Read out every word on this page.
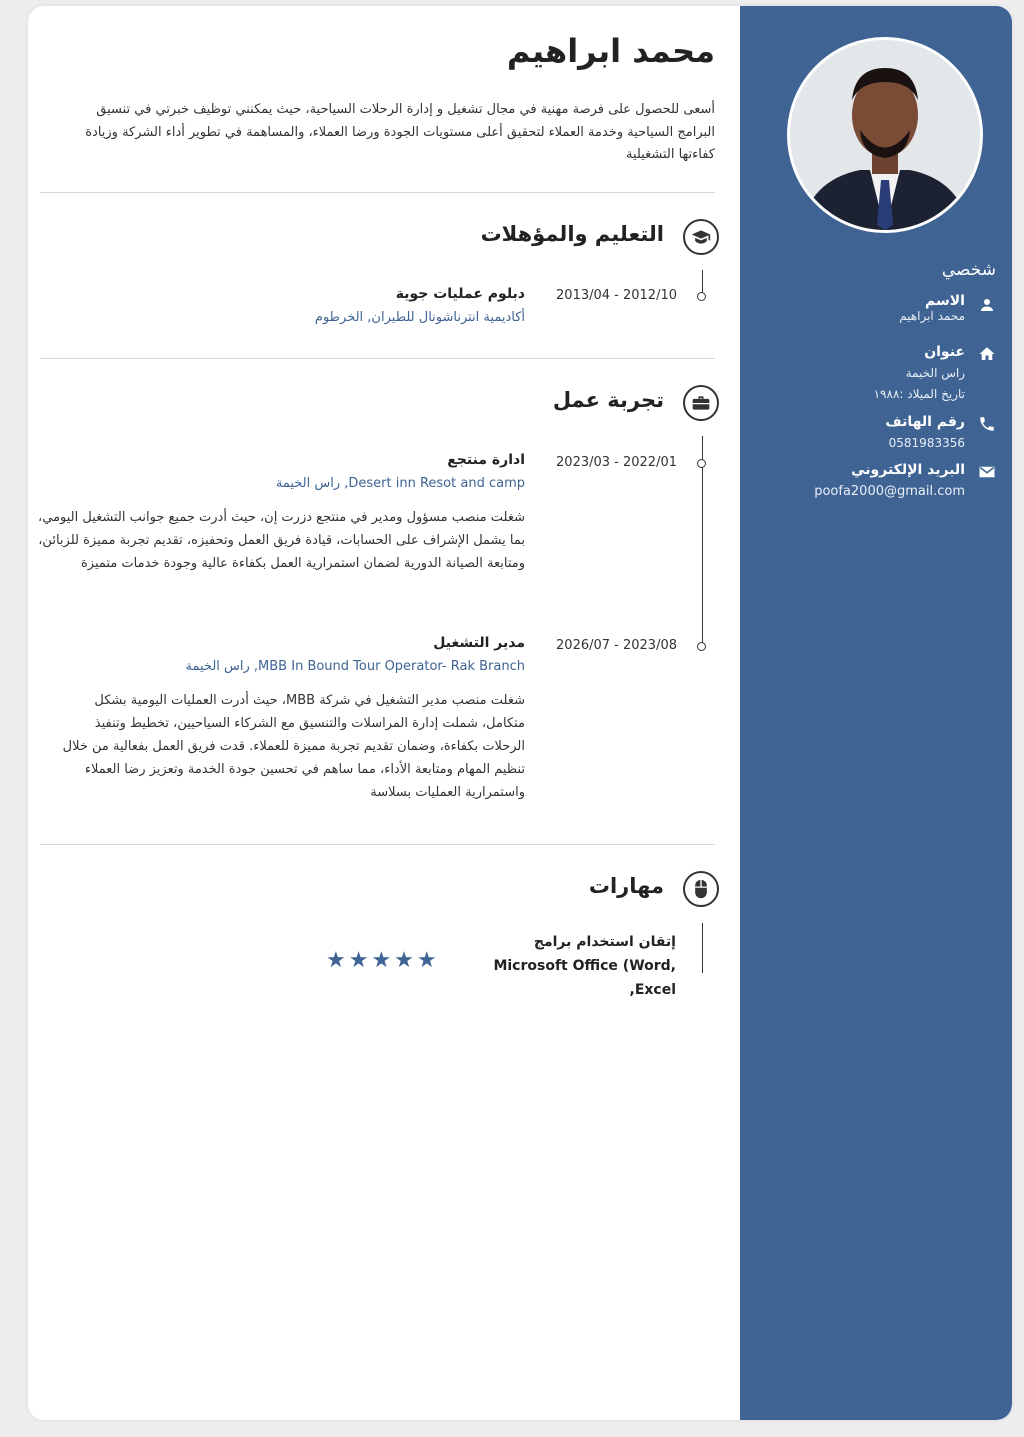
شخصي
الاسم
محمد ابراهيم
عنوان
راس الخيمة
تاريخ الميلاد :١٩٨٨
رقم الهاتف
0581983356
البريد الإلكتروني
poofa2000@gmail.com
محمد ابراهيم
أسعى للحصول على فرصة مهنية في مجال تشغيل و إدارة الرحلات السياحية، حيث يمكنني توظيف خبرتي في تنسيق البرامج السياحية وخدمة العملاء لتحقيق أعلى مستويات الجودة ورضا العملاء، والمساهمة في تطوير أداء الشركة وزيادة كفاءتها التشغيلية
التعليم والمؤهلات
2013/04 - 2012/10
دبلوم عمليات جوية
أكاديمية انترناشونال للطيران, الخرطوم
تجربة عمل
2023/03 - 2022/01
ادارة منتجع
Desert inn Resot and camp, راس الخيمة
شغلت منصب مسؤول ومدير في منتجع دزرت إن، حيث أدرت جميع جوانب التشغيل اليومي، بما يشمل الإشراف على الحسابات، قيادة فريق العمل وتحفيزه، تقديم تجربة مميزة للزبائن، ومتابعة الصيانة الدورية لضمان استمرارية العمل بكفاءة عالية وجودة خدمات متميزة
2026/07 - 2023/08
مدير التشغيل
MBB In Bound Tour Operator- Rak Branch, راس الخيمة
شغلت منصب مدير التشغيل في شركة MBB، حيث أدرت العمليات اليومية بشكل متكامل، شملت إدارة المراسلات والتنسيق مع الشركاء السياحيين، تخطيط وتنفيذ الرحلات بكفاءة، وضمان تقديم تجربة مميزة للعملاء. قدت فريق العمل بفعالية من خلال تنظيم المهام ومتابعة الأداء، مما ساهم في تحسين جودة الخدمة وتعزيز رضا العملاء واستمرارية العمليات بسلاسة
مهارات
إتقان استخدام برامج Microsoft Office (Word, Excel,
★★★★★
